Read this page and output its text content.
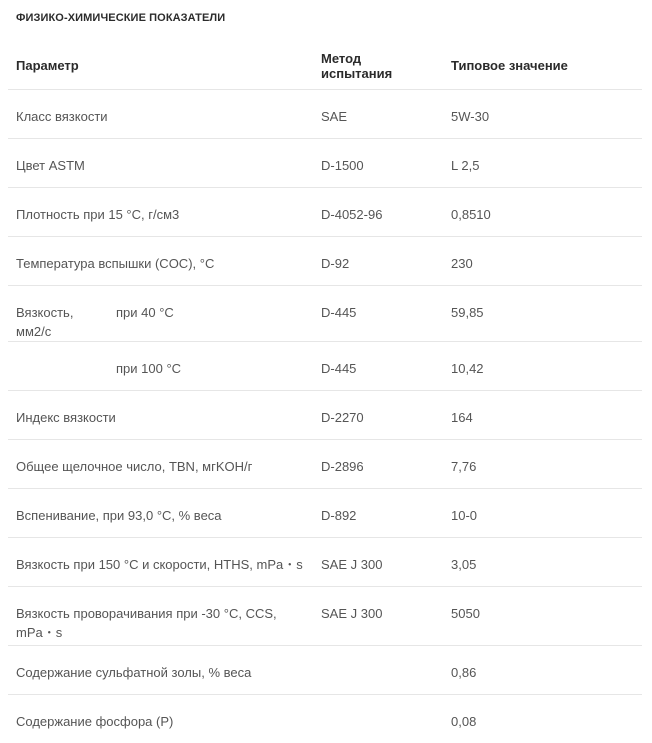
ФИЗИКО-ХИМИЧЕСКИЕ ПОКАЗАТЕЛИ
Параметр		Метод испытания	Типовое значение
Класс вязкости		SAE	5W-30
Цвет ASTM		D-1500	L 2,5
Плотность при 15 °C, г/см3		D-4052-96	0,8510
Температура вспышки (COC), °C		D-92	230
Вязкость, мм2/с	при 40 °C	D-445	59,85
	при 100 °C	D-445	10,42
Индекс вязкости		D-2270	164
Общее щелочное число, TBN, мгKOH/г		D-2896	7,76
Вспенивание, при 93,0 °C, % веса		D-892	10-0
Вязкость при 150 °C и скорости, HTHS, mPa・s		SAE J 300	3,05
Вязкость проворачивания при -30 °C, CCS, mPa・s		SAE J 300	5050
Содержание сульфатной золы, % веса			0,86
Содержание фосфора (P)			0,08
